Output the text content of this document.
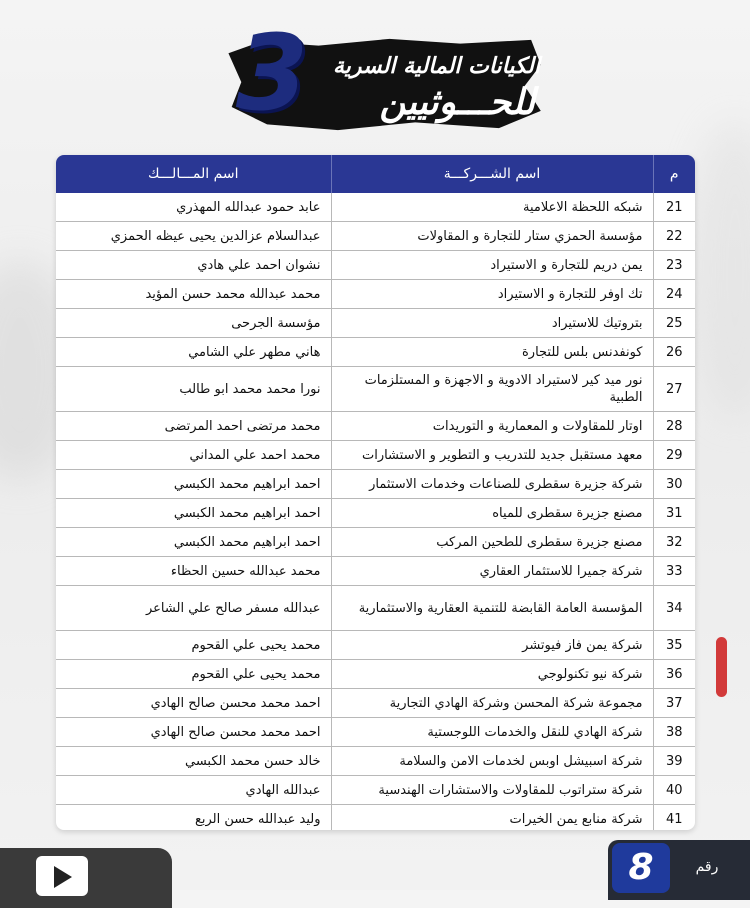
3	الكيانات المالية السرية
للحـــوثيين
م	اسم الشـــركـــة	اسم المـــالـــك
21	شبكه اللحظة الاعلامية	عابد حمود عبدالله المهذري
22	مؤسسة الحمزي ستار للتجارة و المقاولات	عبدالسلام عزالدين يحيى عيظه الحمزي
23	يمن دريم للتجارة و الاستيراد	نشوان احمد علي هادي
24	تك اوفر للتجارة و الاستيراد	محمد عبدالله محمد حسن المؤيد
25	بتروتيك للاستيراد	مؤسسة الجرحى
26	كونفدنس بلس للتجارة	هاني مطهر علي الشامي
27	نور ميد كير لاستيراد الادوية و الاجهزة و المستلزمات الطبية	نورا محمد محمد ابو طالب
28	اوتار للمقاولات و المعمارية و التوريدات	محمد مرتضى احمد المرتضى
29	معهد مستقبل جديد للتدريب و التطوير و الاستشارات	محمد احمد علي المداني
30	شركة جزيرة سقطرى للصناعات وخدمات الاستثمار	احمد ابراهيم محمد الكبسي
31	مصنع جزيرة سقطرى للمياه	احمد ابراهيم محمد الكبسي
32	مصنع جزيرة سقطرى للطحين المركب	احمد ابراهيم محمد الكبسي
33	شركة جميرا للاستثمار العقاري	محمد عبدالله حسين الحظاء
34	المؤسسة العامة القابضة للتنمية العقارية والاستثمارية	عبدالله مسفر صالح علي الشاعر
35	شركة يمن فاز فيوتشر	محمد يحيى علي القحوم
36	شركة نيو تكنولوجي	محمد يحيى علي القحوم
37	مجموعة شركة المحسن وشركة الهادي التجارية	احمد محمد محسن صالح الهادي
38	شركة الهادي للنقل والخدمات اللوجستية	احمد محمد محسن صالح الهادي
39	شركة اسبيشل اوبس لخدمات الامن والسلامة	خالد حسن محمد الكبسي
40	شركة ستراتوب للمقاولات والاستشارات الهندسية	عبدالله الهادي
41	شركة منابع يمن الخيرات	وليد عبدالله حسن الربع
8	رقم
